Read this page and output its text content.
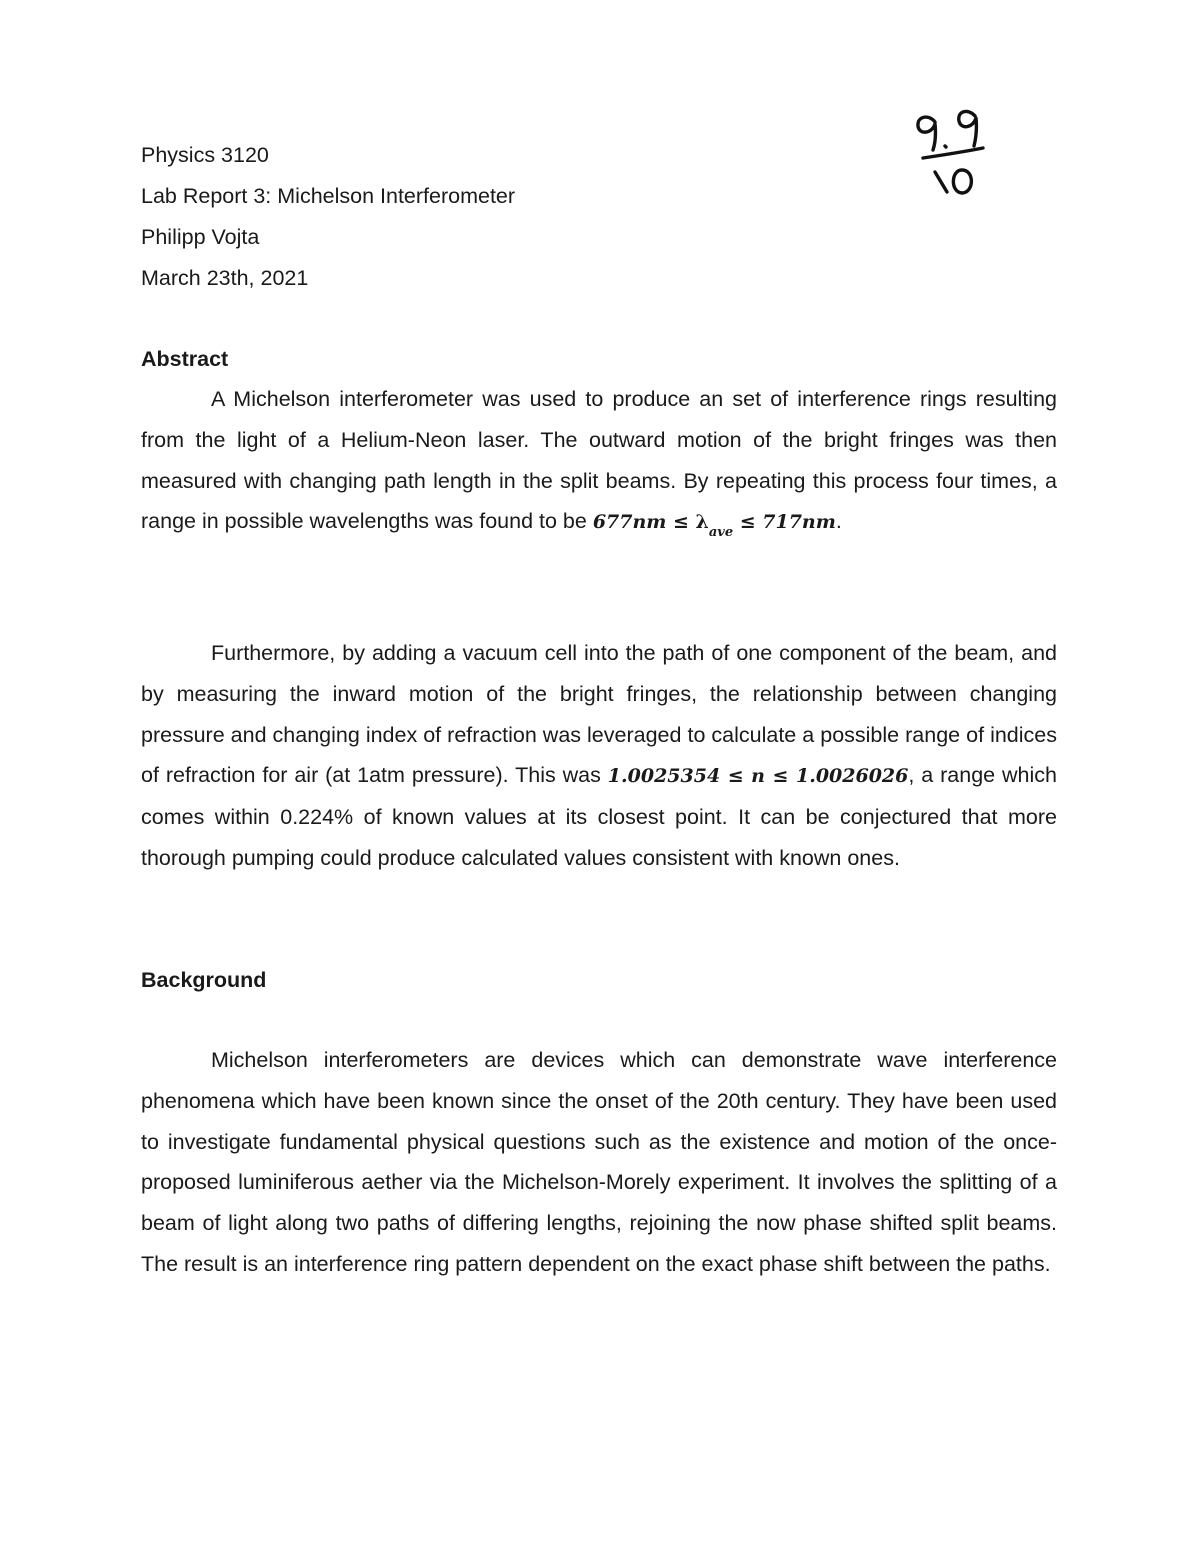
Physics 3120
Lab Report 3: Michelson Interferometer
Philipp Vojta
March 23th, 2021
Abstract
A Michelson interferometer was used to produce an set of interference rings resulting from the light of a Helium-Neon laser. The outward motion of the bright fringes was then measured with changing path length in the split beams. By repeating this process four times, a range in possible wavelengths was found to be $677nm \le \lambda_{ave} \le 717nm$.
Furthermore, by adding a vacuum cell into the path of one component of the beam, and by measuring the inward motion of the bright fringes, the relationship between changing pressure and changing index of refraction was leveraged to calculate a possible range of indices of refraction for air (at 1atm pressure). This was 1.0025354 ≤ n ≤ 1.0026026, a range which comes within 0.224% of known values at its closest point. It can be conjectured that more thorough pumping could produce calculated values consistent with known ones.
Background
Michelson interferometers are devices which can demonstrate wave interference phenomena which have been known since the onset of the 20th century. They have been used to investigate fundamental physical questions such as the existence and motion of the once-proposed luminiferous aether via the Michelson-Morely experiment. It involves the splitting of a beam of light along two paths of differing lengths, rejoining the now phase shifted split beams. The result is an interference ring pattern dependent on the exact phase shift between the paths.
